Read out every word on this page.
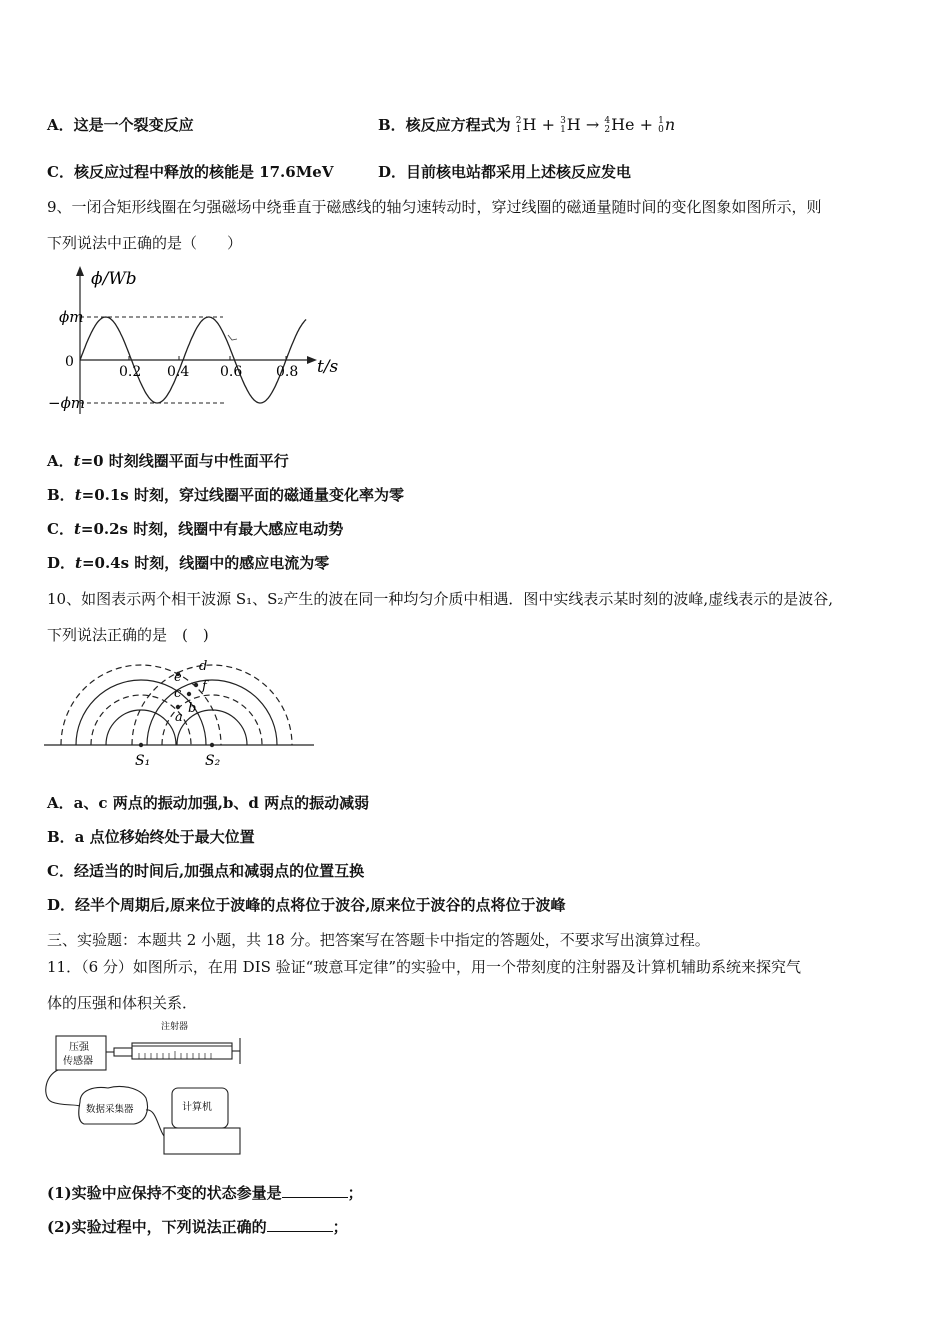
A．这是一个裂变反应	B．核反应方程式为 2
1 H + 3
1 H → 4
2 He + 1
0 n
C．核反应过程中释放的核能是 17.6MeV	D．目前核电站都采用上述核反应发电
9、一闭合矩形线圈在匀强磁场中绕垂直于磁感线的轴匀速转动时，穿过线圈的磁通量随时间的变化图象如图所示，则
下列说法中正确的是（　　）
ϕ/Wb
t/s
ϕm
−ϕm
0
0.2 0.4 0.6 0.8
A．t=0 时刻线圈平面与中性面平行
B．t=0.1s 时刻，穿过线圈平面的磁通量变化率为零
C．t=0.2s 时刻，线圈中有最大感应电动势
D．t=0.4s 时刻，线圈中的感应电流为零
10、如图表示两个相干波源 S₁、S₂产生的波在同一种均匀介质中相遇．图中实线表示某时刻的波峰,虚线表示的是波谷,
下列说法正确的是　(　)
a
b
c
d
e
f
S₁	S₂
A．a、c 两点的振动加强,b、d 两点的振动减弱
B．a 点位移始终处于最大位置
C．经适当的时间后,加强点和减弱点的位置互换
D．经半个周期后,原来位于波峰的点将位于波谷,原来位于波谷的点将位于波峰
三、实验题：本题共 2 小题，共 18 分。把答案写在答题卡中指定的答题处，不要求写出演算过程。
11．（6 分）如图所示，在用 DIS 验证“玻意耳定律”的实验中，用一个带刻度的注射器及计算机辅助系统来探究气
体的压强和体积关系．
注射器
压强
传感器
数据采集器	计算机
(1)实验中应保持不变的状态参量是	；
(2)实验过程中，下列说法正确的	；
